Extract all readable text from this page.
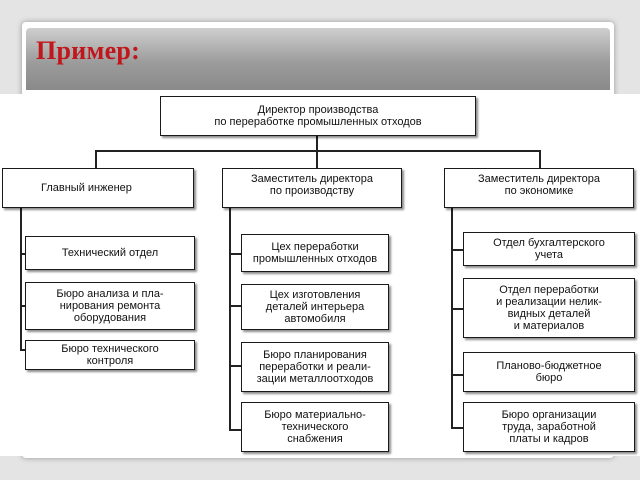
Пример:
Директор производства
по переработке промышленных отходов
Главный инженер
Заместитель директора
по производству
Заместитель директора
по экономике
Технический отдел
Бюро анализа и пла-
нирования ремонта
оборудования
Бюро технического
контроля
Цех переработки
промышленных отходов
Цех изготовления
деталей интерьера
автомобиля
Бюро планирования
переработки и реали-
зации металлоотходов
Бюро материально-
технического
снабжения
Отдел бухгалтерского
учета
Отдел переработки
и реализации нелик-
видных деталей
и материалов
Планово-бюджетное
бюро
Бюро организации
труда, заработной
платы и кадров
